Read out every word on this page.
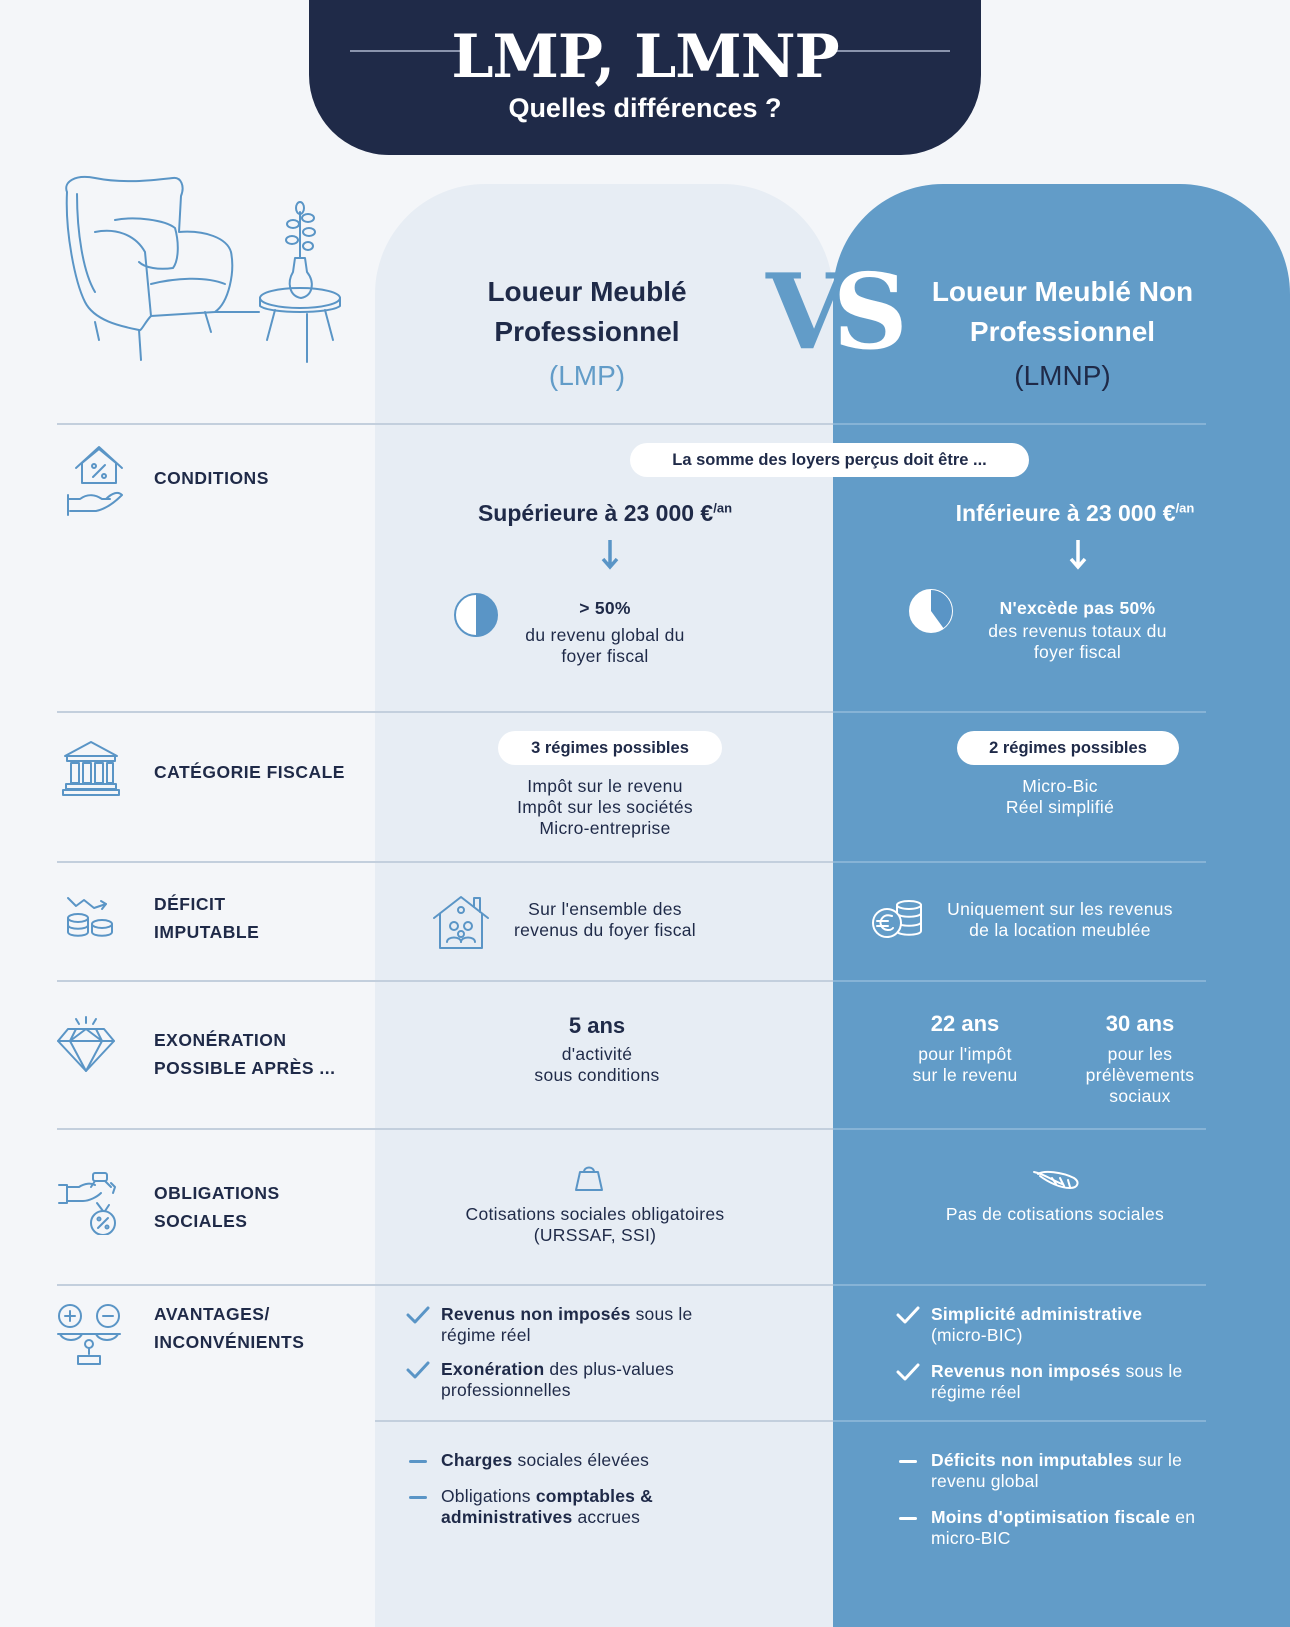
LMP, LMNP
Quelles différences ?
Loueur Meublé
Professionnel
(LMP)
Loueur Meublé Non
Professionnel
(LMNP)
VS
CONDITIONS
La somme des loyers perçus doit être ...
Supérieure à 23 000 €$^{/an}$
> 50%
du revenu global du
foyer fiscal
Inférieure à 23 000 €$^{/an}$
N'excède pas 50%
des revenus totaux du
foyer fiscal
CATÉGORIE FISCALE
3 régimes possibles
Impôt sur le revenu
Impôt sur les sociétés
Micro-entreprise
2 régimes possibles
Micro-Bic
Réel simplifié
DÉFICIT
IMPUTABLE
Sur l'ensemble des
revenus du foyer fiscal
Uniquement sur les revenus
de la location meublée
EXONÉRATION
POSSIBLE APRÈS ...
5 ans
d'activité
sous conditions
22 ans
pour l'impôt
sur le revenu
30 ans
pour les
prélèvements
sociaux
OBLIGATIONS
SOCIALES	Cotisations sociales obligatoires
(URSSAF, SSI)
Pas de cotisations sociales
AVANTAGES/
INCONVÉNIENTS
Revenus non imposés sous le
régime réel
Exonération des plus-values
professionnelles
Charges sociales élevées
Obligations comptables &
administratives accrues
Simplicité administrative
(micro-BIC)
Revenus non imposés sous le
régime réel
Déficits non imputables sur le
revenu global
Moins d'optimisation fiscale en
micro-BIC
